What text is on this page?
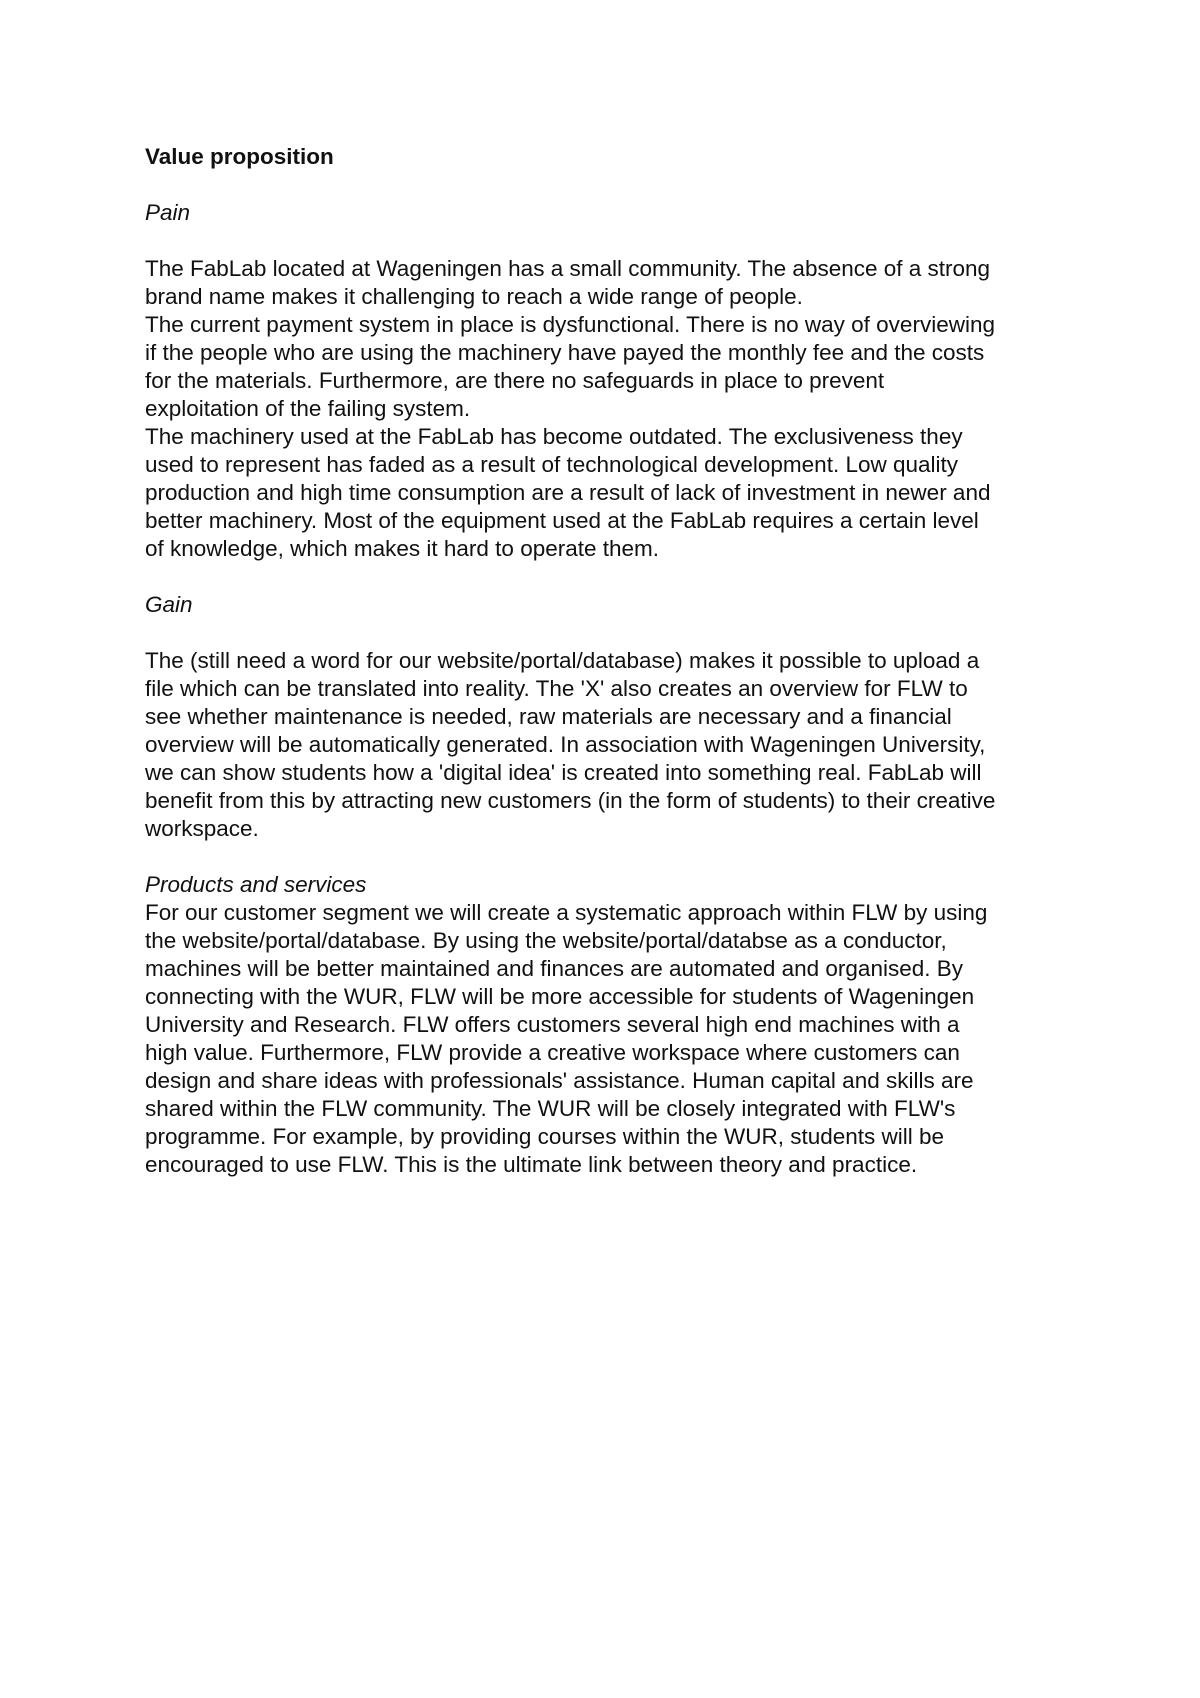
Value proposition
Pain

The FabLab located at Wageningen has a small community. The absence of a strong

brand name makes it challenging to reach a wide range of people.

The current payment system in place is dysfunctional. There is no way of overviewing

if the people who are using the machinery have payed the monthly fee and the costs

for the materials. Furthermore, are there no safeguards in place to prevent

exploitation of the failing system.

The machinery used at the FabLab has become outdated. The exclusiveness they

used to represent has faded as a result of technological development. Low quality

production and high time consumption are a result of lack of investment in newer and

better machinery. Most of the equipment used at the FabLab requires a certain level

of knowledge, which makes it hard to operate them.

Gain

The (still need a word for our website/portal/database) makes it possible to upload a

file which can be translated into reality. The 'X' also creates an overview for FLW to

see whether maintenance is needed, raw materials are necessary and a financial

overview will be automatically generated. In association with Wageningen University,

we can show students how a 'digital idea' is created into something real. FabLab will

benefit from this by attracting new customers (in the form of students) to their creative

workspace.

Products and services

For our customer segment we will create a systematic approach within FLW by using

the website/portal/database. By using the website/portal/databse as a conductor,

machines will be better maintained and finances are automated and organised. By

connecting with the WUR, FLW will be more accessible for students of Wageningen

University and Research. FLW offers customers several high end machines with a

high value. Furthermore, FLW provide a creative workspace where customers can

design and share ideas with professionals' assistance. Human capital and skills are

shared within the FLW community. The WUR will be closely integrated with FLW's

programme. For example, by providing courses within the WUR, students will be

encouraged to use FLW. This is the ultimate link between theory and practice.
